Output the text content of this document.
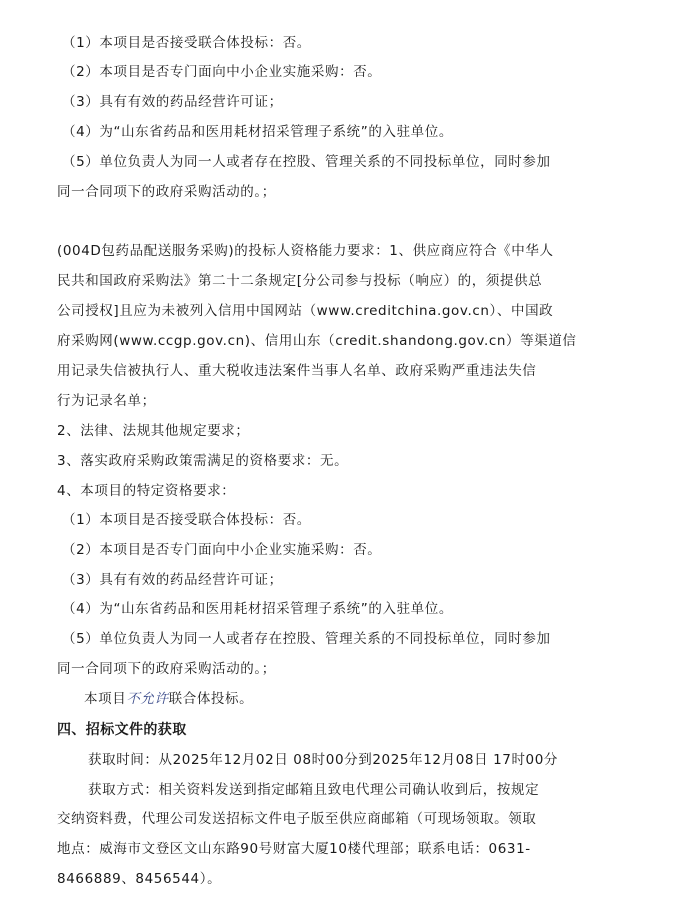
（1）本项目是否接受联合体投标：否。
（2）本项目是否专门面向中小企业实施采购：否。
（3）具有有效的药品经营许可证；
（4）为“山东省药品和医用耗材招采管理子系统”的入驻单位。
（5）单位负责人为同一人或者存在控股、管理关系的不同投标单位，同时参加
同一合同项下的政府采购活动的。；
(004D包药品配送服务采购)的投标人资格能力要求：1、供应商应符合《中华人
民共和国政府采购法》第二十二条规定[分公司参与投标（响应）的，须提供总
公司授权]且应为未被列入信用中国网站（www.creditchina.gov.cn）、中国政
府采购网(www.ccgp.gov.cn)、信用山东（credit.shandong.gov.cn）等渠道信
用记录失信被执行人、重大税收违法案件当事人名单、政府采购严重违法失信
行为记录名单；
2、法律、法规其他规定要求；
3、落实政府采购政策需满足的资格要求：无。
4、本项目的特定资格要求：
（1）本项目是否接受联合体投标：否。
（2）本项目是否专门面向中小企业实施采购：否。
（3）具有有效的药品经营许可证；
（4）为“山东省药品和医用耗材招采管理子系统”的入驻单位。
（5）单位负责人为同一人或者存在控股、管理关系的不同投标单位，同时参加
同一合同项下的政府采购活动的。；
本项目不允许联合体投标。
四、招标文件的获取
获取时间：从2025年12月02日 08时00分到2025年12月08日 17时00分
获取方式：相关资料发送到指定邮箱且致电代理公司确认收到后，按规定
交纳资料费，代理公司发送招标文件电子版至供应商邮箱（可现场领取。领取
地点：威海市文登区文山东路90号财富大厦10楼代理部；联系电话：0631-
8466889、8456544）。
